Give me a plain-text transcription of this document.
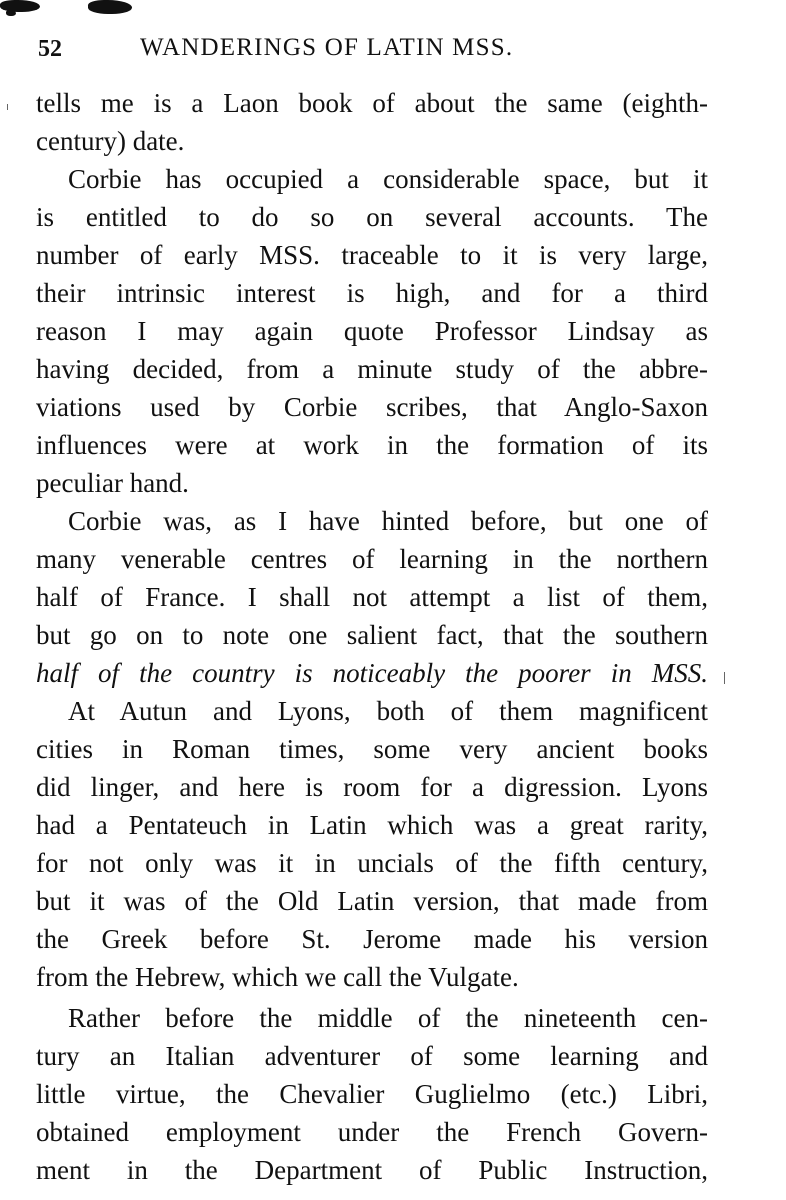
52	WANDERINGS OF LATIN MSS.
tells me is a Laon book of about the same (eighth-
century) date.
Corbie has occupied a considerable space, but it
is entitled to do so on several accounts. The
number of early MSS. traceable to it is very large,
their intrinsic interest is high, and for a third
reason I may again quote Professor Lindsay as
having decided, from a minute study of the abbre-
viations used by Corbie scribes, that Anglo-Saxon
influences were at work in the formation of its
peculiar hand.
Corbie was, as I have hinted before, but one of
many venerable centres of learning in the northern
half of France. I shall not attempt a list of them,
but go on to note one salient fact, that the southern
half of the country is noticeably the poorer in MSS.
At Autun and Lyons, both of them magnificent
cities in Roman times, some very ancient books
did linger, and here is room for a digression. Lyons
had a Pentateuch in Latin which was a great rarity,
for not only was it in uncials of the fifth century,
but it was of the Old Latin version, that made from
the Greek before St. Jerome made his version
from the Hebrew, which we call the Vulgate.
Rather before the middle of the nineteenth cen-
tury an Italian adventurer of some learning and
little virtue, the Chevalier Guglielmo (etc.) Libri,
obtained employment under the French Govern-
ment in the Department of Public Instruction,
